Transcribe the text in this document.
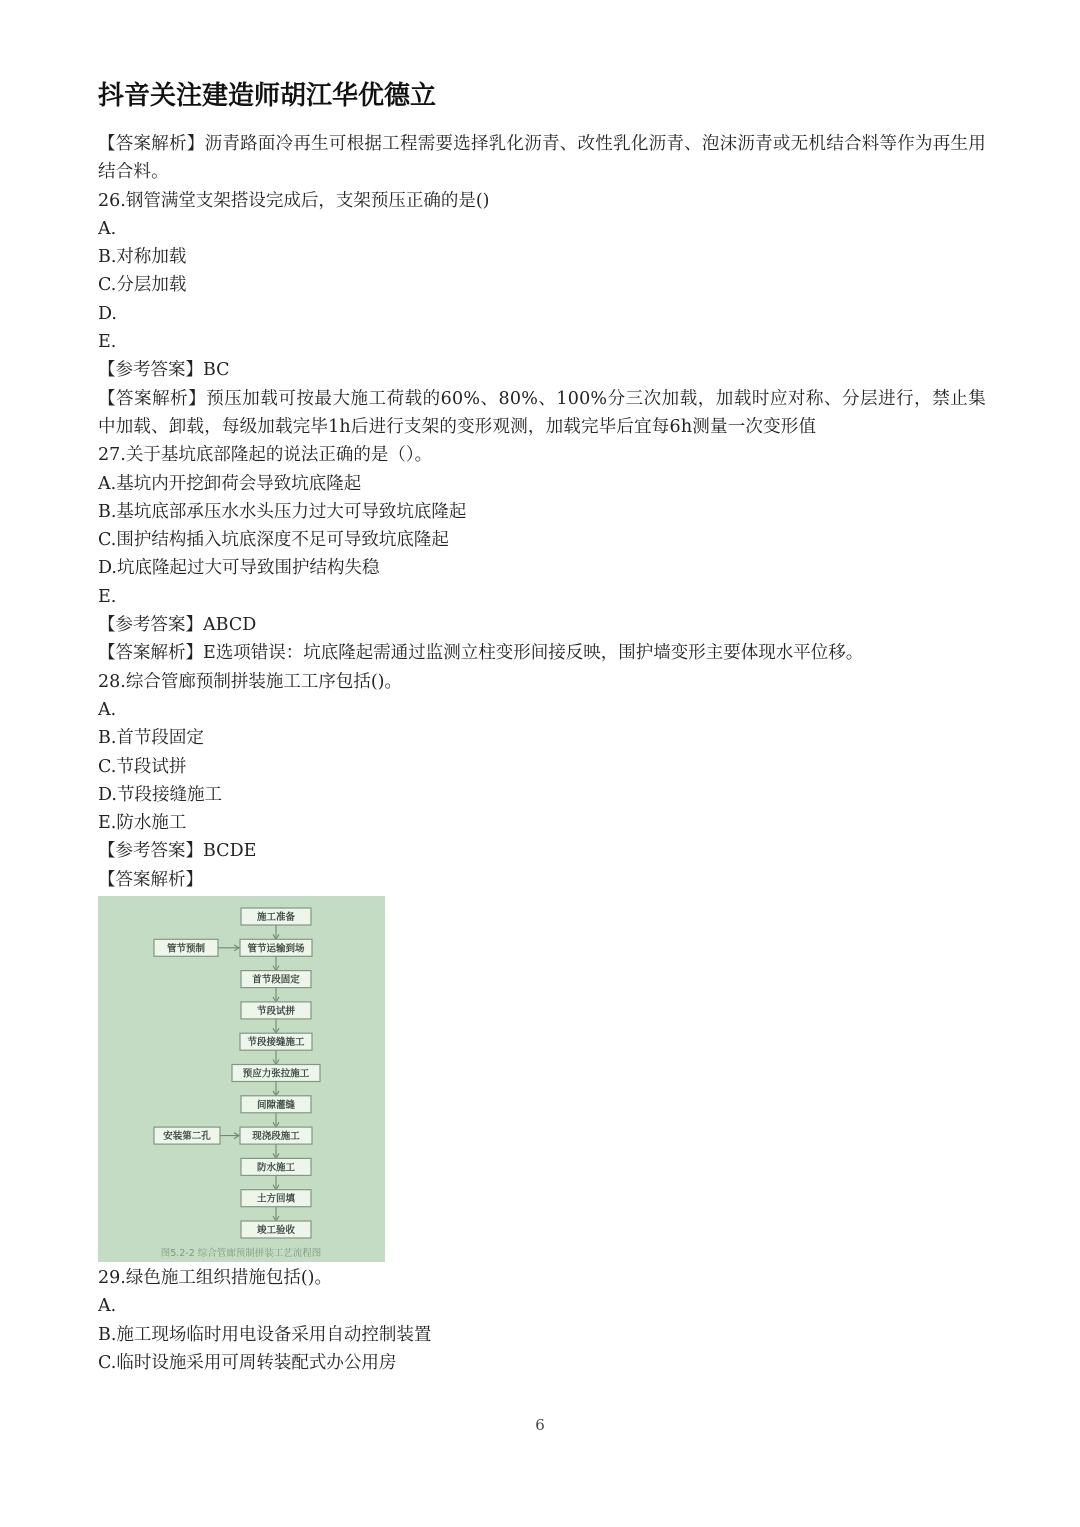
抖音关注建造师胡江华优德立
【答案解析】沥青路面冷再生可根据工程需要选择乳化沥青、改性乳化沥青、泡沫沥青或无机结合料等作为再生用结合料。
26.钢管满堂支架搭设完成后，支架预压正确的是()
A.
B.对称加载
C.分层加载
D.
E.
【参考答案】BC
【答案解析】预压加载可按最大施工荷载的60%、80%、100%分三次加载，加载时应对称、分层进行，禁止集中加载、卸载，每级加载完毕1h后进行支架的变形观测，加载完毕后宜每6h测量一次变形值
27.关于基坑底部隆起的说法正确的是（）。
A.基坑内开挖卸荷会导致坑底隆起
B.基坑底部承压水水头压力过大可导致坑底隆起
C.围护结构插入坑底深度不足可导致坑底隆起
D.坑底隆起过大可导致围护结构失稳
E.
【参考答案】ABCD
【答案解析】E选项错误：坑底隆起需通过监测立柱变形间接反映，围护墙变形主要体现水平位移。
28.综合管廊预制拼装施工工序包括()。
A.
B.首节段固定
C.节段试拼
D.节段接缝施工
E.防水施工
【参考答案】BCDE
【答案解析】
施工准备
管节运输到场
首节段固定
节段试拼
节段接缝施工
预应力张拉施工
间隙灌缝
现浇段施工
防水施工
土方回填
竣工验收
管节预制
安装第二孔
图5.2-2 综合管廊预制拼装工艺流程图
29.绿色施工组织措施包括()。
A.
B.施工现场临时用电设备采用自动控制装置
C.临时设施采用可周转装配式办公用房
6
